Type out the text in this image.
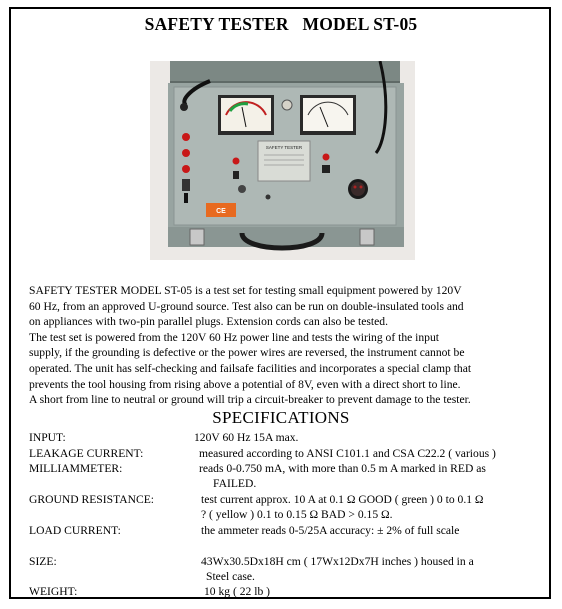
SAFETY TESTER   MODEL ST-05
SAFETY TESTER
CE

SAFETY TESTER MODEL ST-05 is a test set for testing small equipment powered by 120V

60 Hz, from an approved U-ground source. Test also can be run on double-insulated tools and

on appliances with two-pin parallel plugs. Extension cords can also be tested.

The test set is powered from the 120V 60 Hz power line and tests the wiring of the input

supply, if the grounding is defective or the power wires are reversed, the instrument cannot be

operated. The unit has self-checking and failsafe facilities and incorporates a special clamp that

prevents the tool housing from rising above a potential of 8V, even with a direct short to line.

A short from line to neutral or ground will trip a circuit-breaker to prevent damage to the tester.

SPECIFICATIONS
INPUT:	120V 60 Hz 15A max.
LEAKAGE CURRENT:	measured according to ANSI C101.1 and CSA C22.2 ( various )
MILLIAMMETER:	reads 0-0.750 mA, with more than 0.5 m A marked in RED as
FAILED.
GROUND RESISTANCE:	test current approx. 10 A at 0.1 Ω GOOD ( green ) 0 to 0.1 Ω
? ( yellow ) 0.1 to 0.15 Ω BAD > 0.15 Ω.
LOAD CURRENT:	the ammeter reads 0-5/25A accuracy: ± 2% of full scale
SIZE:	43Wx30.5Dx18H cm ( 17Wx12Dx7H inches ) housed in a
Steel case.
WEIGHT:	10 kg ( 22 lb )
